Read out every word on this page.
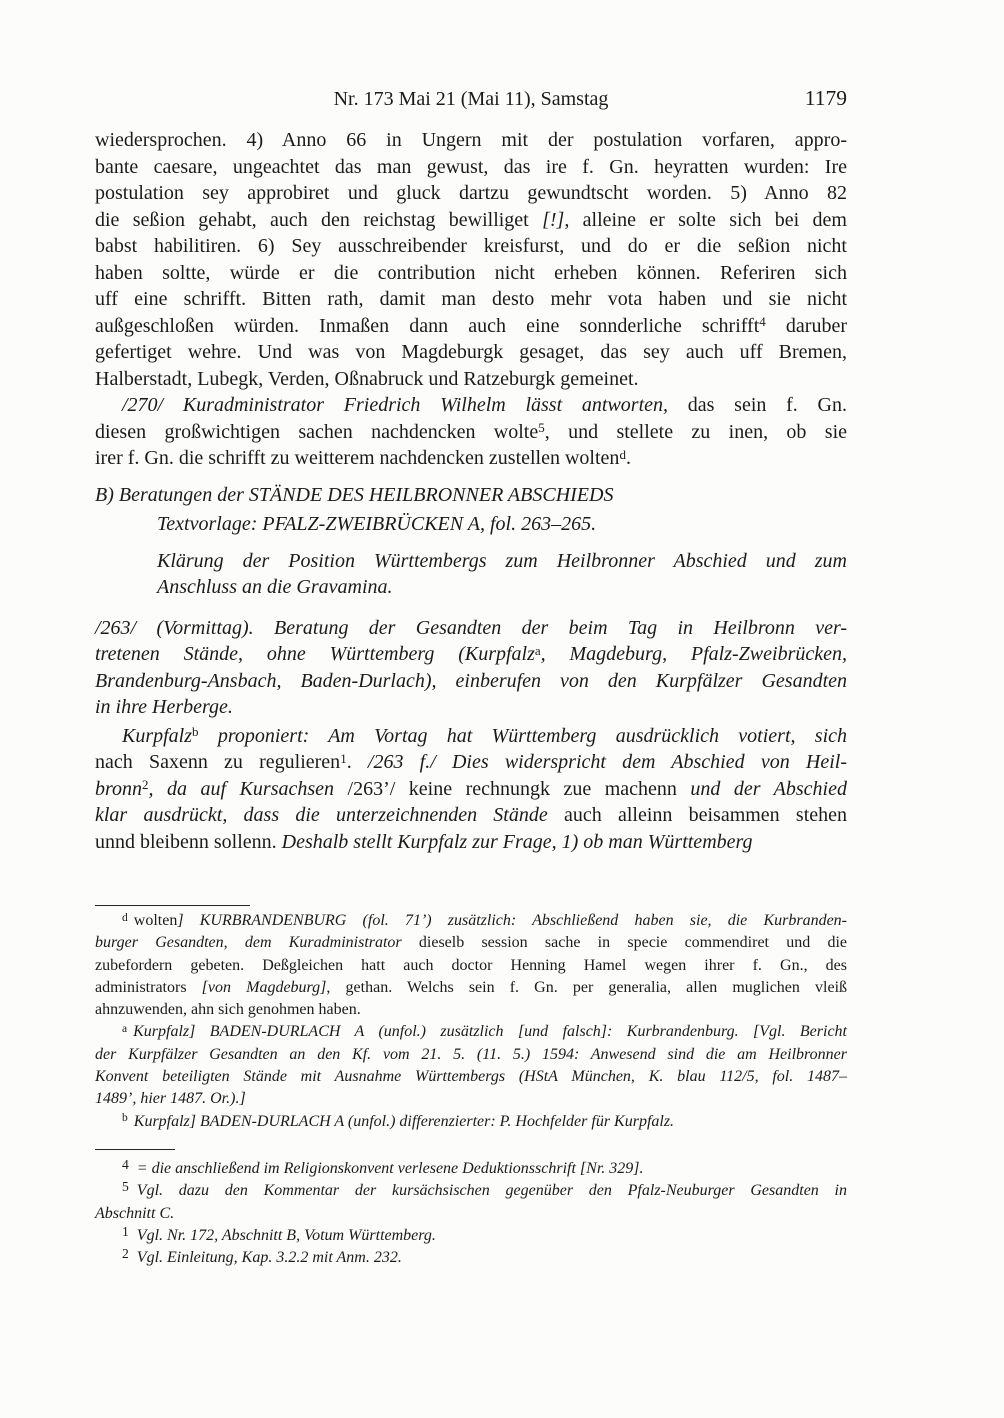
Nr. 173 Mai 21 (Mai 11), Samstag	1179
wiedersprochen. 4) Anno 66 in Ungern mit der postulation vorfaren, appro-
bante caesare, ungeachtet das man gewust, das ire f. Gn. heyratten wurden: Ire
postulation sey approbiret und gluck dartzu gewundtscht worden. 5) Anno 82
die seßion gehabt, auch den reichstag bewilliget [!], alleine er solte sich bei dem
babst habilitiren. 6) Sey ausschreibender kreisfurst, und do er die seßion nicht
haben soltte, würde er die contribution nicht erheben können. Referiren sich
uff eine schrifft. Bitten rath, damit man desto mehr vota haben und sie nicht
außgeschloßen würden. Inmaßen dann auch eine sonnderliche schrifft$^4$ daruber
gefertiget wehre. Und was von Magdeburgk gesaget, das sey auch uff Bremen,
Halberstadt, Lubegk, Verden, Oßnabruck und Ratzeburgk gemeinet.
/270/ Kuradministrator Friedrich Wilhelm lässt antworten, das sein f. Gn.
diesen großwichtigen sachen nachdencken wolte$^5$, und stellete zu inen, ob sie
irer f. Gn. die schrifft zu weitterem nachdencken zustellen wolten$^d$.
B) Beratungen der STÄNDE DES HEILBRONNER ABSCHIEDS
Textvorlage: PFALZ-ZWEIBRÜCKEN A, fol. 263–265.
Klärung der Position Württembergs zum Heilbronner Abschied und zum
Anschluss an die Gravamina.
/263/ (Vormittag). Beratung der Gesandten der beim Tag in Heilbronn ver-
tretenen Stände, ohne Württemberg (Kurpfalz$^a$, Magdeburg, Pfalz-Zweibrücken,
Brandenburg-Ansbach, Baden-Durlach), einberufen von den Kurpfälzer Gesandten
in ihre Herberge.
Kurpfalz$^b$ proponiert: Am Vortag hat Württemberg ausdrücklich votiert, sich
nach Saxenn zu regulieren$^1$. /263 f./ Dies widerspricht dem Abschied von Heil-
bronn$^2$, da auf Kursachsen /263’/ keine rechnungk zue machenn und der Abschied
klar ausdrückt, dass die unterzeichnenden Stände auch alleinn beisammen stehen
unnd bleibenn sollenn. Deshalb stellt Kurpfalz zur Frage, 1) ob man Württemberg
$^d$ wolten] KURBRANDENBURG (fol. 71’) zusätzlich: Abschließend haben sie, die Kurbranden-
burger Gesandten, dem Kuradministrator dieselb session sache in specie commendiret und die
zubefordern gebeten. Deßgleichen hatt auch doctor Henning Hamel wegen ihrer f. Gn., des
administrators [von Magdeburg], gethan. Welchs sein f. Gn. per generalia, allen muglichen vleiß
ahnzuwenden, ahn sich genohmen haben.
$^a$ Kurpfalz] BADEN-DURLACH A (unfol.) zusätzlich [und falsch]: Kurbrandenburg. [Vgl. Bericht
der Kurpfälzer Gesandten an den Kf. vom 21. 5. (11. 5.) 1594: Anwesend sind die am Heilbronner
Konvent beteiligten Stände mit Ausnahme Württembergs (HStA München, K. blau 112/5, fol. 1487–
1489’, hier 1487. Or.).]
$^b$ Kurpfalz] BADEN-DURLACH A (unfol.) differenzierter: P. Hochfelder für Kurpfalz.
$^4$ = die anschließend im Religionskonvent verlesene Deduktionsschrift [Nr. 329].
$^5$ Vgl. dazu den Kommentar der kursächsischen gegenüber den Pfalz-Neuburger Gesandten in
Abschnitt C.
$^1$ Vgl. Nr. 172, Abschnitt B, Votum Württemberg.
$^2$ Vgl. Einleitung, Kap. 3.2.2 mit Anm. 232.
